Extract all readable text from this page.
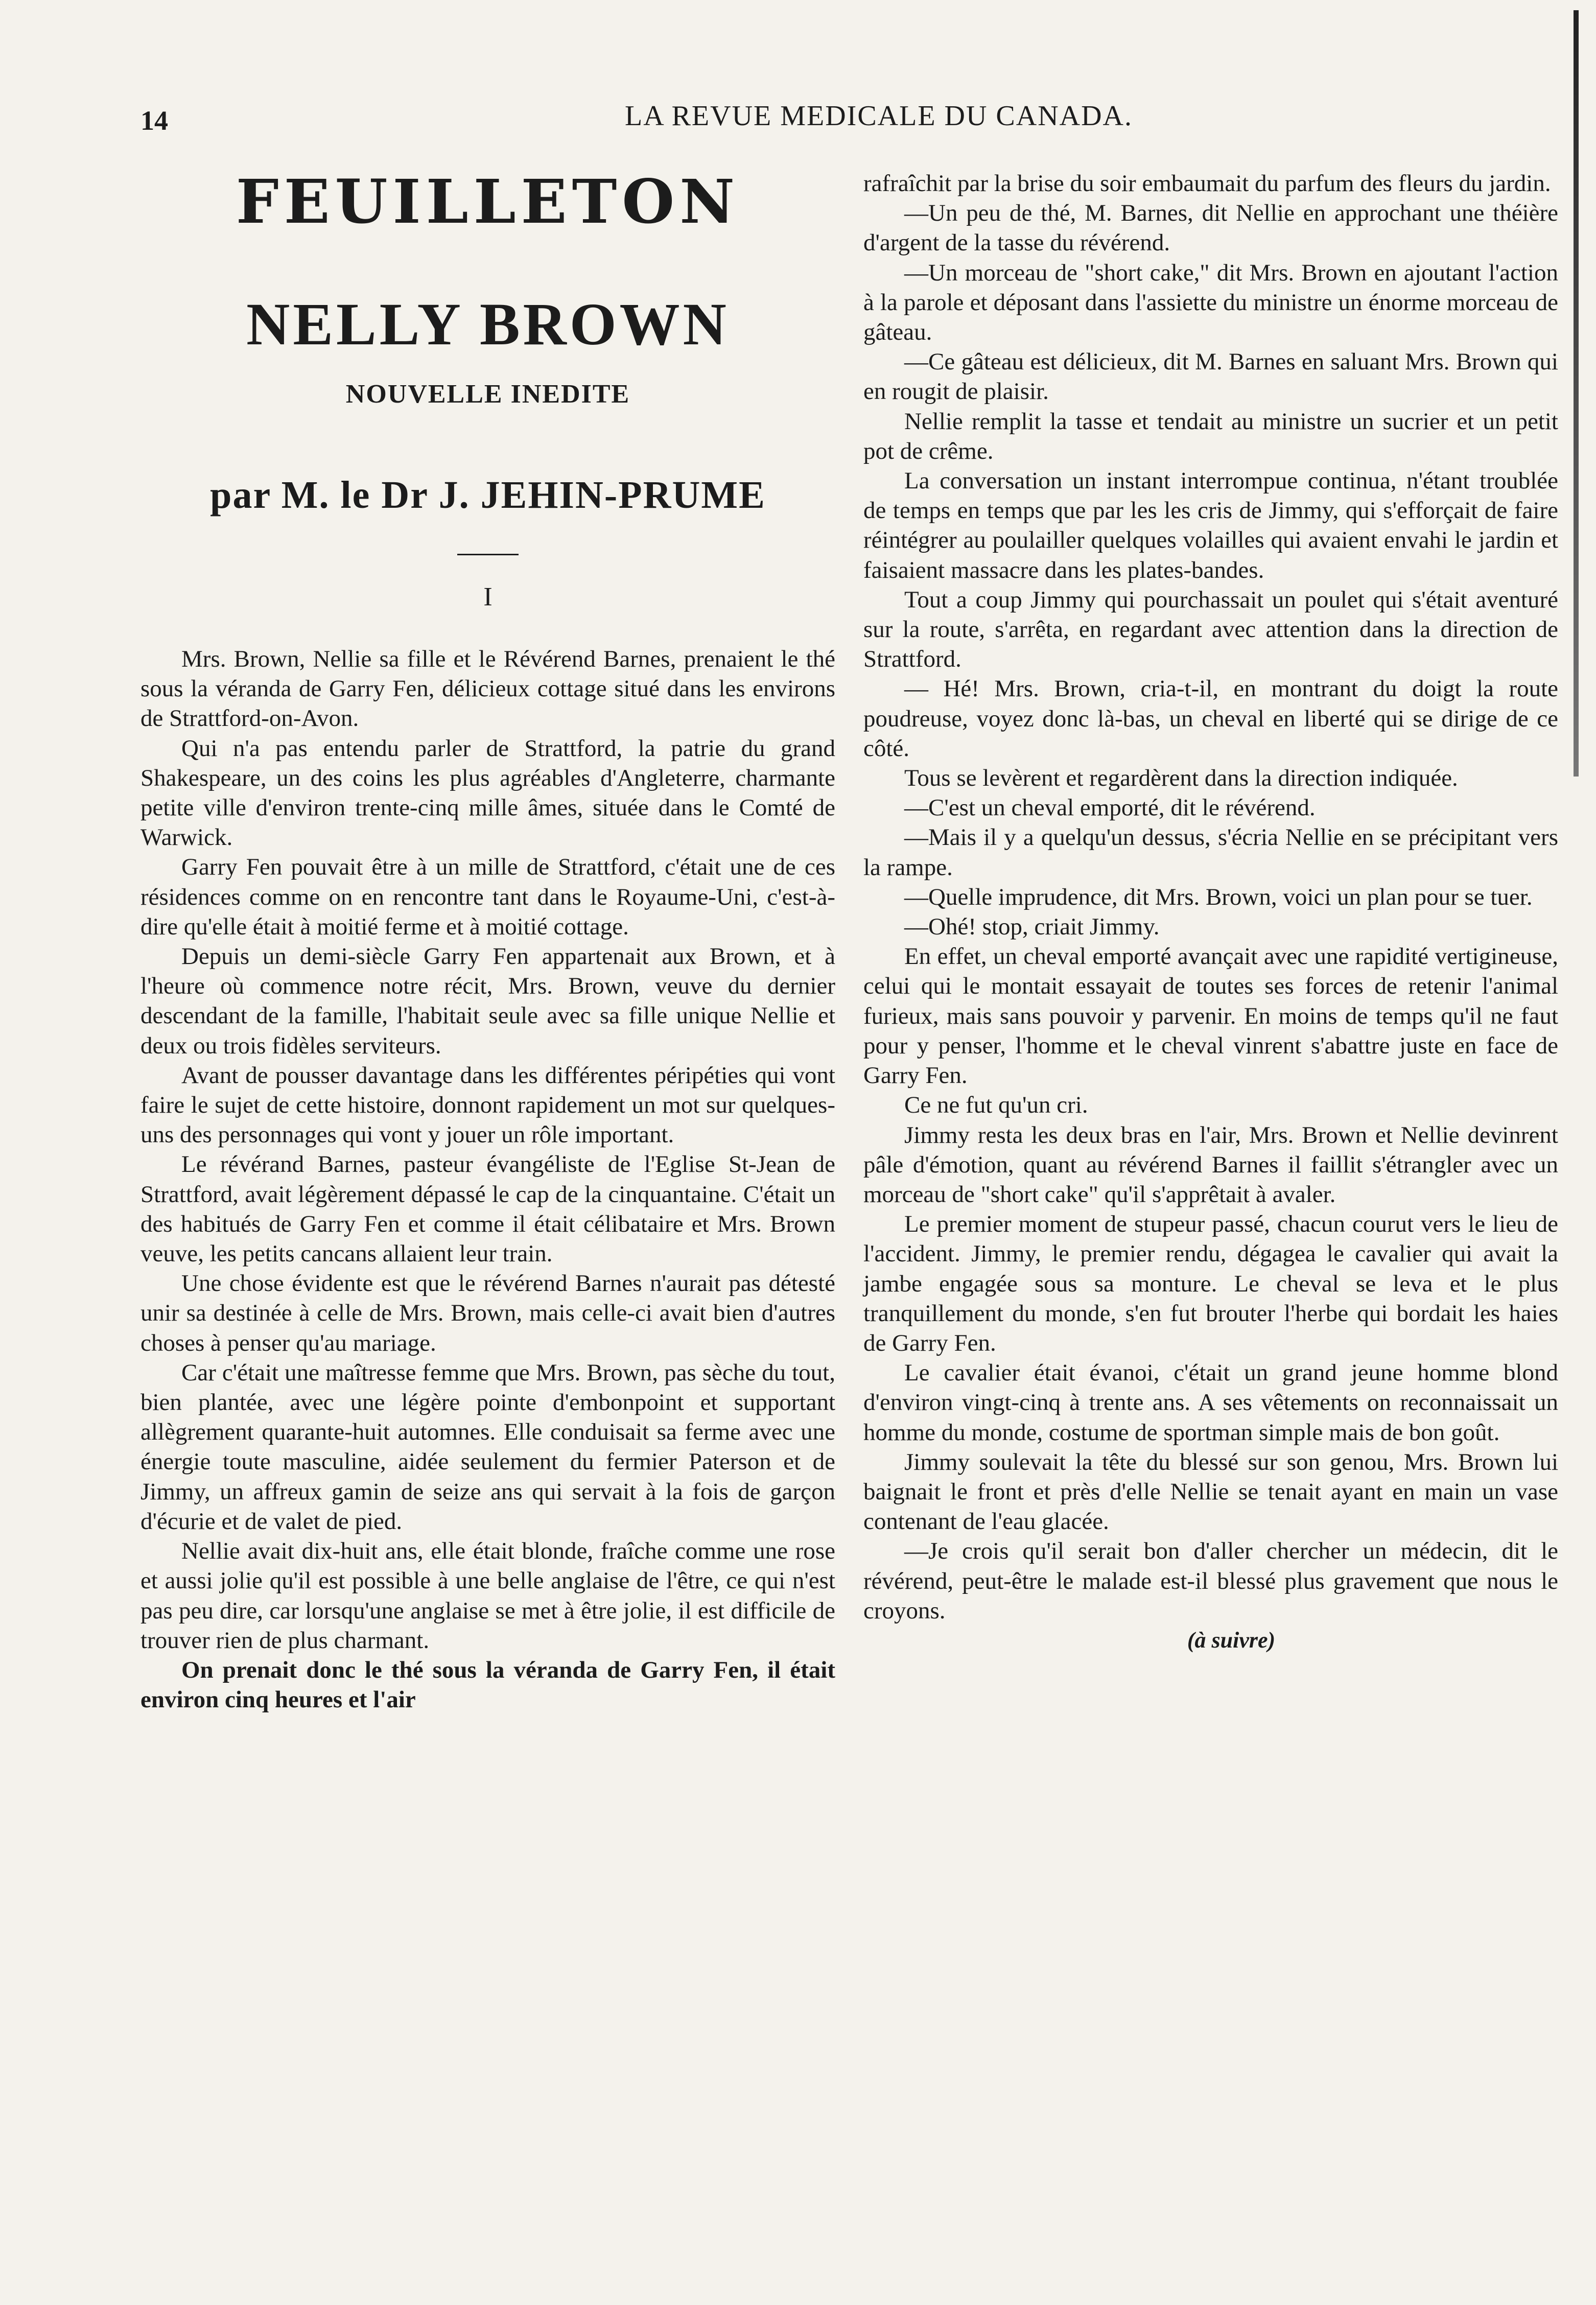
14	LA REVUE MEDICALE DU CANADA.
FEUILLETON
NELLY BROWN
NOUVELLE INEDITE
par M. le Dr J. JEHIN-PRUME
I

Mrs. Brown, Nellie sa fille et le Révérend Barnes, prenaient le thé sous la véranda de Garry Fen, délicieux cottage situé dans les environs de Strattford-on-Avon.

Qui n'a pas entendu parler de Strattford, la patrie du grand Shakespeare, un des coins les plus agréables d'Angleterre, charmante petite ville d'environ trente-cinq mille âmes, située dans le Comté de Warwick.

Garry Fen pouvait être à un mille de Strattford, c'était une de ces résidences comme on en rencontre tant dans le Royaume-Uni, c'est-à-dire qu'elle était à moitié ferme et à moitié cottage.

Depuis un demi-siècle Garry Fen appartenait aux Brown, et à l'heure où commence notre récit, Mrs. Brown, veuve du dernier descendant de la famille, l'habitait seule avec sa fille unique Nellie et deux ou trois fidèles serviteurs.

Avant de pousser davantage dans les différentes péripéties qui vont faire le sujet de cette histoire, donnont rapidement un mot sur quelques-uns des personnages qui vont y jouer un rôle important.

Le révérand Barnes, pasteur évangéliste de l'Eglise St-Jean de Strattford, avait légèrement dépassé le cap de la cinquantaine. C'était un des habitués de Garry Fen et comme il était célibataire et Mrs. Brown veuve, les petits cancans allaient leur train.

Une chose évidente est que le révérend Barnes n'aurait pas détesté unir sa destinée à celle de Mrs. Brown, mais celle-ci avait bien d'autres choses à penser qu'au mariage.

Car c'était une maîtresse femme que Mrs. Brown, pas sèche du tout, bien plantée, avec une légère pointe d'embonpoint et supportant allègrement quarante-huit automnes. Elle conduisait sa ferme avec une énergie toute masculine, aidée seulement du fermier Paterson et de Jimmy, un affreux gamin de seize ans qui servait à la fois de garçon d'écurie et de valet de pied.

Nellie avait dix-huit ans, elle était blonde, fraîche comme une rose et aussi jolie qu'il est possible à une belle anglaise de l'être, ce qui n'est pas peu dire, car lorsqu'une anglaise se met à être jolie, il est difficile de trouver rien de plus charmant.

On prenait donc le thé sous la véranda de Garry Fen, il était environ cinq heures et l'air

rafraîchit par la brise du soir embaumait du parfum des fleurs du jardin.

—Un peu de thé, M. Barnes, dit Nellie en approchant une théière d'argent de la tasse du révérend.

—Un morceau de "short cake," dit Mrs. Brown en ajoutant l'action à la parole et déposant dans l'assiette du ministre un énorme morceau de gâteau.

—Ce gâteau est délicieux, dit M. Barnes en saluant Mrs. Brown qui en rougit de plaisir.

Nellie remplit la tasse et tendait au ministre un sucrier et un petit pot de crême.

La conversation un instant interrompue continua, n'étant troublée de temps en temps que par les les cris de Jimmy, qui s'efforçait de faire réintégrer au poulailler quelques volailles qui avaient envahi le jardin et faisaient massacre dans les plates-bandes.

Tout a coup Jimmy qui pourchassait un poulet qui s'était aventuré sur la route, s'arrêta, en regardant avec attention dans la direction de Strattford.

— Hé! Mrs. Brown, cria-t-il, en montrant du doigt la route poudreuse, voyez donc là-bas, un cheval en liberté qui se dirige de ce côté.

Tous se levèrent et regardèrent dans la direction indiquée.

—C'est un cheval emporté, dit le révérend.

—Mais il y a quelqu'un dessus, s'écria Nellie en se précipitant vers la rampe.

—Quelle imprudence, dit Mrs. Brown, voici un plan pour se tuer.

—Ohé! stop, criait Jimmy.

En effet, un cheval emporté avançait avec une rapidité vertigineuse, celui qui le montait essayait de toutes ses forces de retenir l'animal furieux, mais sans pouvoir y parvenir. En moins de temps qu'il ne faut pour y penser, l'homme et le cheval vinrent s'abattre juste en face de Garry Fen.

Ce ne fut qu'un cri.

Jimmy resta les deux bras en l'air, Mrs. Brown et Nellie devinrent pâle d'émotion, quant au révérend Barnes il faillit s'étrangler avec un morceau de "short cake" qu'il s'apprêtait à avaler.

Le premier moment de stupeur passé, chacun courut vers le lieu de l'accident. Jimmy, le premier rendu, dégagea le cavalier qui avait la jambe engagée sous sa monture. Le cheval se leva et le plus tranquillement du monde, s'en fut brouter l'herbe qui bordait les haies de Garry Fen.

Le cavalier était évanoi, c'était un grand jeune homme blond d'environ vingt-cinq à trente ans. A ses vêtements on reconnaissait un homme du monde, costume de sportman simple mais de bon goût.

Jimmy soulevait la tête du blessé sur son genou, Mrs. Brown lui baignait le front et près d'elle Nellie se tenait ayant en main un vase contenant de l'eau glacée.

—Je crois qu'il serait bon d'aller chercher un médecin, dit le révérend, peut-être le malade est-il blessé plus gravement que nous le croyons.

(à suivre)
